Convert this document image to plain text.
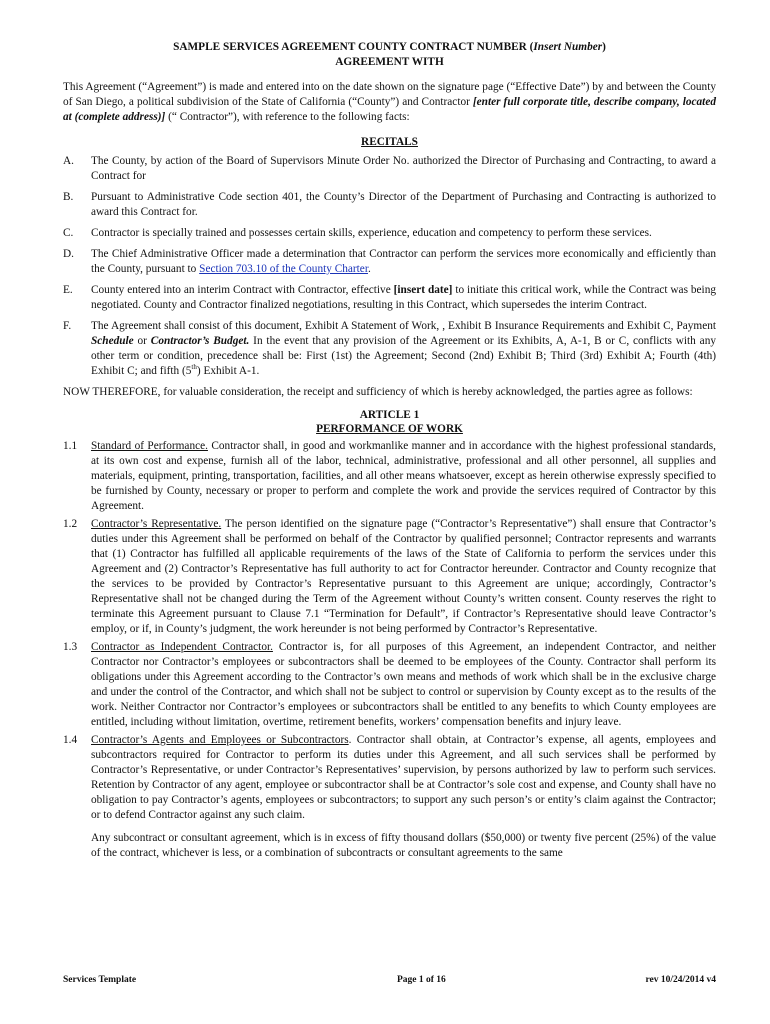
SAMPLE SERVICES AGREEMENT COUNTY CONTRACT NUMBER (Insert Number)

AGREEMENT WITH

This Agreement (“Agreement”) is made and entered into on the date shown on the signature page (“Effective Date”) by and between the County of San Diego, a political subdivision of the State of California (“County”) and Contractor [enter full corporate title, describe company, located at (complete address)] (“ Contractor”), with reference to the following facts:

RECITALS
A.	The County, by action of the Board of Supervisors Minute Order No. authorized the Director of Purchasing and Contracting, to award a Contract for
B.	Pursuant to Administrative Code section 401, the County’s Director of the Department of Purchasing and Contracting is authorized to award this Contract for.
C.	Contractor is specially trained and possesses certain skills, experience, education and competency to perform these services.
D.	The Chief Administrative Officer made a determination that Contractor can perform the services more economically and efficiently than the County, pursuant to Section 703.10 of the County Charter.
E.	County entered into an interim Contract with Contractor, effective [insert date] to initiate this critical work, while the Contract was being negotiated. County and Contractor finalized negotiations, resulting in this Contract, which supersedes the interim Contract.
F.	The Agreement shall consist of this document, Exhibit A Statement of Work, , Exhibit B Insurance Requirements and Exhibit C, Payment Schedule or Contractor’s Budget. In the event that any provision of the Agreement or its Exhibits, A, A-1, B or C, conflicts with any other term or condition, precedence shall be: First (1st) the Agreement; Second (2nd) Exhibit B; Third (3rd) Exhibit A; Fourth (4th) Exhibit C; and fifth (5th) Exhibit A-1.

NOW THEREFORE, for valuable consideration, the receipt and sufficiency of which is hereby acknowledged, the parties agree as follows:

ARTICLE 1
PERFORMANCE OF WORK
1.1	Standard of Performance. Contractor shall, in good and workmanlike manner and in accordance with the highest professional standards, at its own cost and expense, furnish all of the labor, technical, administrative, professional and all other personnel, all supplies and materials, equipment, printing, transportation, facilities, and all other means whatsoever, except as herein otherwise expressly specified to be furnished by County, necessary or proper to perform and complete the work and provide the services required of Contractor by this Agreement.
1.2	Contractor’s Representative. The person identified on the signature page (“Contractor’s Representative”) shall ensure that Contractor’s duties under this Agreement shall be performed on behalf of the Contractor by qualified personnel; Contractor represents and warrants that (1) Contractor has fulfilled all applicable requirements of the laws of the State of California to perform the services under this Agreement and (2) Contractor’s Representative has full authority to act for Contractor hereunder. Contractor and County recognize that the services to be provided by Contractor’s Representative pursuant to this Agreement are unique; accordingly, Contractor’s Representative shall not be changed during the Term of the Agreement without County’s written consent. County reserves the right to terminate this Agreement pursuant to Clause 7.1 “Termination for Default”, if Contractor’s Representative should leave Contractor’s employ, or if, in County’s judgment, the work hereunder is not being performed by Contractor’s Representative.
1.3	Contractor as Independent Contractor. Contractor is, for all purposes of this Agreement, an independent Contractor, and neither Contractor nor Contractor’s employees or subcontractors shall be deemed to be employees of the County. Contractor shall perform its obligations under this Agreement according to the Contractor’s own means and methods of work which shall be in the exclusive charge and under the control of the Contractor, and which shall not be subject to control or supervision by County except as to the results of the work. Neither Contractor nor Contractor’s employees or subcontractors shall be entitled to any benefits to which County employees are entitled, including without limitation, overtime, retirement benefits, workers’ compensation benefits and injury leave.
1.4	Contractor’s Agents and Employees or Subcontractors. Contractor shall obtain, at Contractor’s expense, all agents, employees and subcontractors required for Contractor to perform its duties under this Agreement, and all such services shall be performed by Contractor’s Representative, or under Contractor’s Representatives’ supervision, by persons authorized by law to perform such services. Retention by Contractor of any agent, employee or subcontractor shall be at Contractor’s sole cost and expense, and County shall have no obligation to pay Contractor’s agents, employees or subcontractors; to support any such person’s or entity’s claim against the Contractor; or to defend Contractor against any such claim.

Any subcontract or consultant agreement, which is in excess of fifty thousand dollars ($50,000) or twenty five percent (25%) of the value of the contract, whichever is less, or a combination of subcontracts or consultant agreements to the same

Services Template	Page 1 of 16	rev 10/24/2014 v4
